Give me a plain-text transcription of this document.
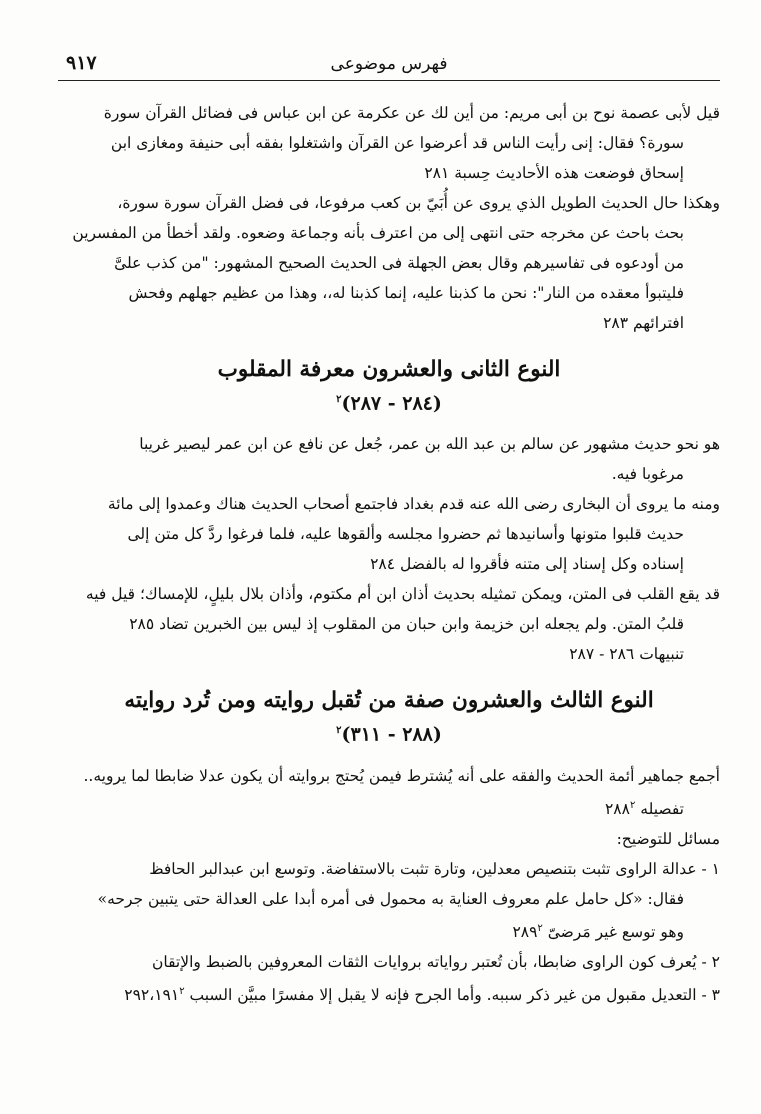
٩١٧	فهرس موضوعى

قيل لأبى عصمة نوح بن أبى مريم: من أين لك عن عكرمة عن ابن عباس فى فضائل القرآن سورة

سورة؟ فقال: إنى رأيت الناس قد أعرضوا عن القرآن واشتغلوا بفقه أبى حنيفة ومغازى ابن

إسحاق فوضعت هذه الأحاديث حِسبة ٢٨١

وهكذا حال الحديث الطويل الذي يروى عن أُبَيّ بن كعب مرفوعا، فى فضل القرآن سورة سورة،

بحث باحث عن مخرجه حتى انتهى إلى من اعترف بأنه وجماعة وضعوه. ولقد أخطأ من المفسرين

من أودعوه فى تفاسيرهم وقال بعض الجهلة فى الحديث الصحيح المشهور: "من كذب علىَّ

فليتبوأ معقده من النار": نحن ما كذبنا عليه، إنما كذبنا له،، وهذا من عظيم جهلهم وفحش

افترائهم ٢٨٣

النوع الثانى والعشرون معرفة المقلوب

(٢٨٤ - ٢٨٧)$^٢$

هو نحو حديث مشهور عن سالم بن عبد الله بن عمر، جُعل عن نافع عن ابن عمر ليصير غريبا

مرغوبا فيه.

ومنه ما يروى أن البخارى رضى الله عنه قدم بغداد فاجتمع أصحاب الحديث هناك وعمدوا إلى مائة

حديث قلبوا متونها وأسانيدها ثم حضروا مجلسه وألقوها عليه، فلما فرغوا ردَّ كل متن إلى

إسناده وكل إسناد إلى متنه فأقروا له بالفضل ٢٨٤

قد يقع القلب فى المتن، ويمكن تمثيله بحديث أذان ابن أم مكتوم، وأذان بلال بليلٍ، للإمساك؛ قيل فيه

قلبُ المتن. ولم يجعله ابن خزيمة وابن حبان من المقلوب إذ ليس بين الخبرين تضاد ٢٨٥

تنبيهات ٢٨٦ - ٢٨٧

النوع الثالث والعشرون صفة من تُقبل روايته ومن تُرد روايته

(٢٨٨ - ٣١١)$^٢$

أجمع جماهير أئمة الحديث والفقه على أنه يُشترط فيمن يُحتج بروايته أن يكون عدلا ضابطا لما يرويه..

تفصيله $٢٨٨^٢$

مسائل للتوضيح:

١ - عدالة الراوى تثبت بتنصيص معدلين، وتارة تثبت بالاستفاضة. وتوسع ابن عبدالبر الحافظ

فقال: «كل حامل علم معروف العناية به محمول فى أمره أبدا على العدالة حتى يتبين جرحه»

وهو توسع غير مَرضىّ $٢٨٩^٢$

٢ - يُعرف كون الراوى ضابطا، بأن تُعتبر رواياته بروايات الثقات المعروفين بالضبط والإتقان

٣ - التعديل مقبول من غير ذكر سببه. وأما الجرح فإنه لا يقبل إلا مفسرًا مبيَّن السبب $٢٩٢،١٩١^٢$
